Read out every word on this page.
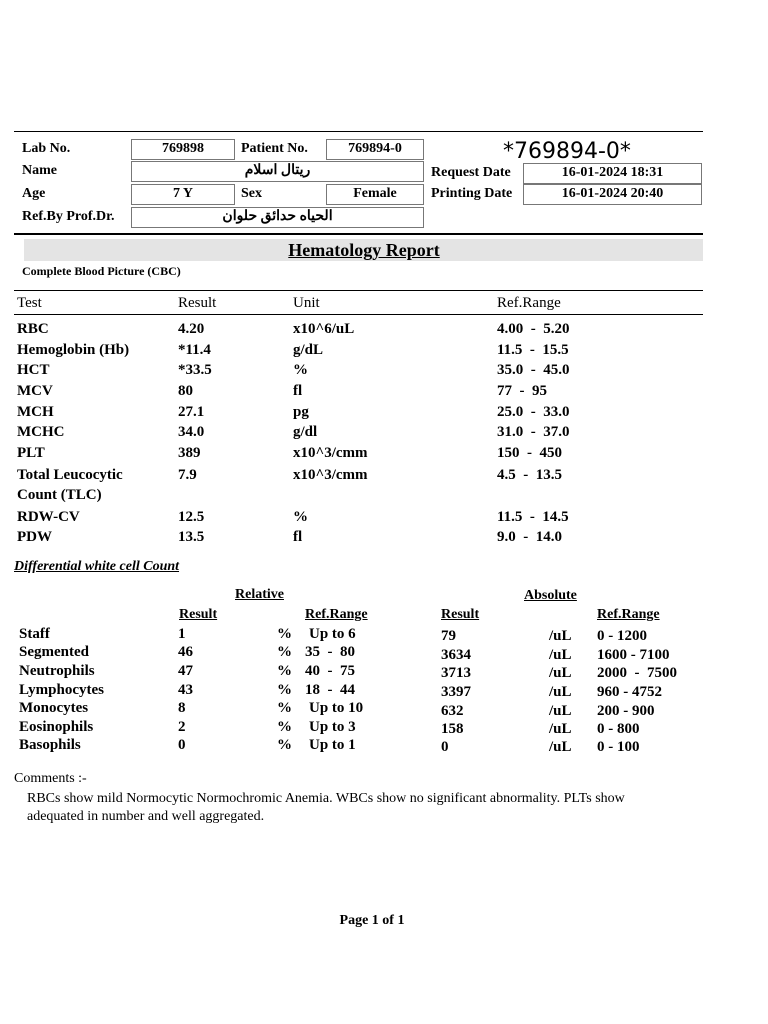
Lab No.	769898	Patient No.	769894-0	*769894-0*
Name	ريتال اسلام	Request Date	16-01-2024 18:31
Age	7 Y	Sex	Female	Printing Date	16-01-2024 20:40
Ref.By Prof.Dr.	الحياه حدائق حلوان
Hematology Report
Complete Blood Picture (CBC)
Test	Result	Unit	Ref.Range
RBC	4.20	x10^6/uL	4.00  -  5.20
Hemoglobin (Hb)	*11.4	g/dL	11.5  -  15.5
HCT	*33.5	%	35.0  -  45.0
MCV	80	fl	77  -  95
MCH	27.1	pg	25.0  -  33.0
MCHC	34.0	g/dl	31.0  -  37.0
PLT	389	x10^3/cmm	150  -  450
Total Leucocytic
Count (TLC)
7.9	x10^3/cmm	4.5  -  13.5
RDW-CV	12.5	%	11.5  -  14.5
PDW	13.5	fl	9.0  -  14.0
Differential white cell Count
Relative	Absolute
Result	Ref.Range	Result	Ref.Range
Staff	1	% Up to 6	79	/uL 0 - 1200
Segmented	46	% 35  -  80	3634	/uL 1600 - 7100
Neutrophils	47	% 40  -  75	3713	/uL 2000  -  7500
Lymphocytes	43	% 18  -  44	3397	/uL 960 - 4752
Monocytes	8	% Up to 10	632	/uL 200 - 900
Eosinophils	2	% Up to 3	158	/uL 0 - 800
Basophils	0	% Up to 1	0	/uL 0 - 100
Comments :-
RBCs show mild Normocytic Normochromic Anemia. WBCs show no significant abnormality. PLTs show
adequated in number and well aggregated.
Page 1 of 1
